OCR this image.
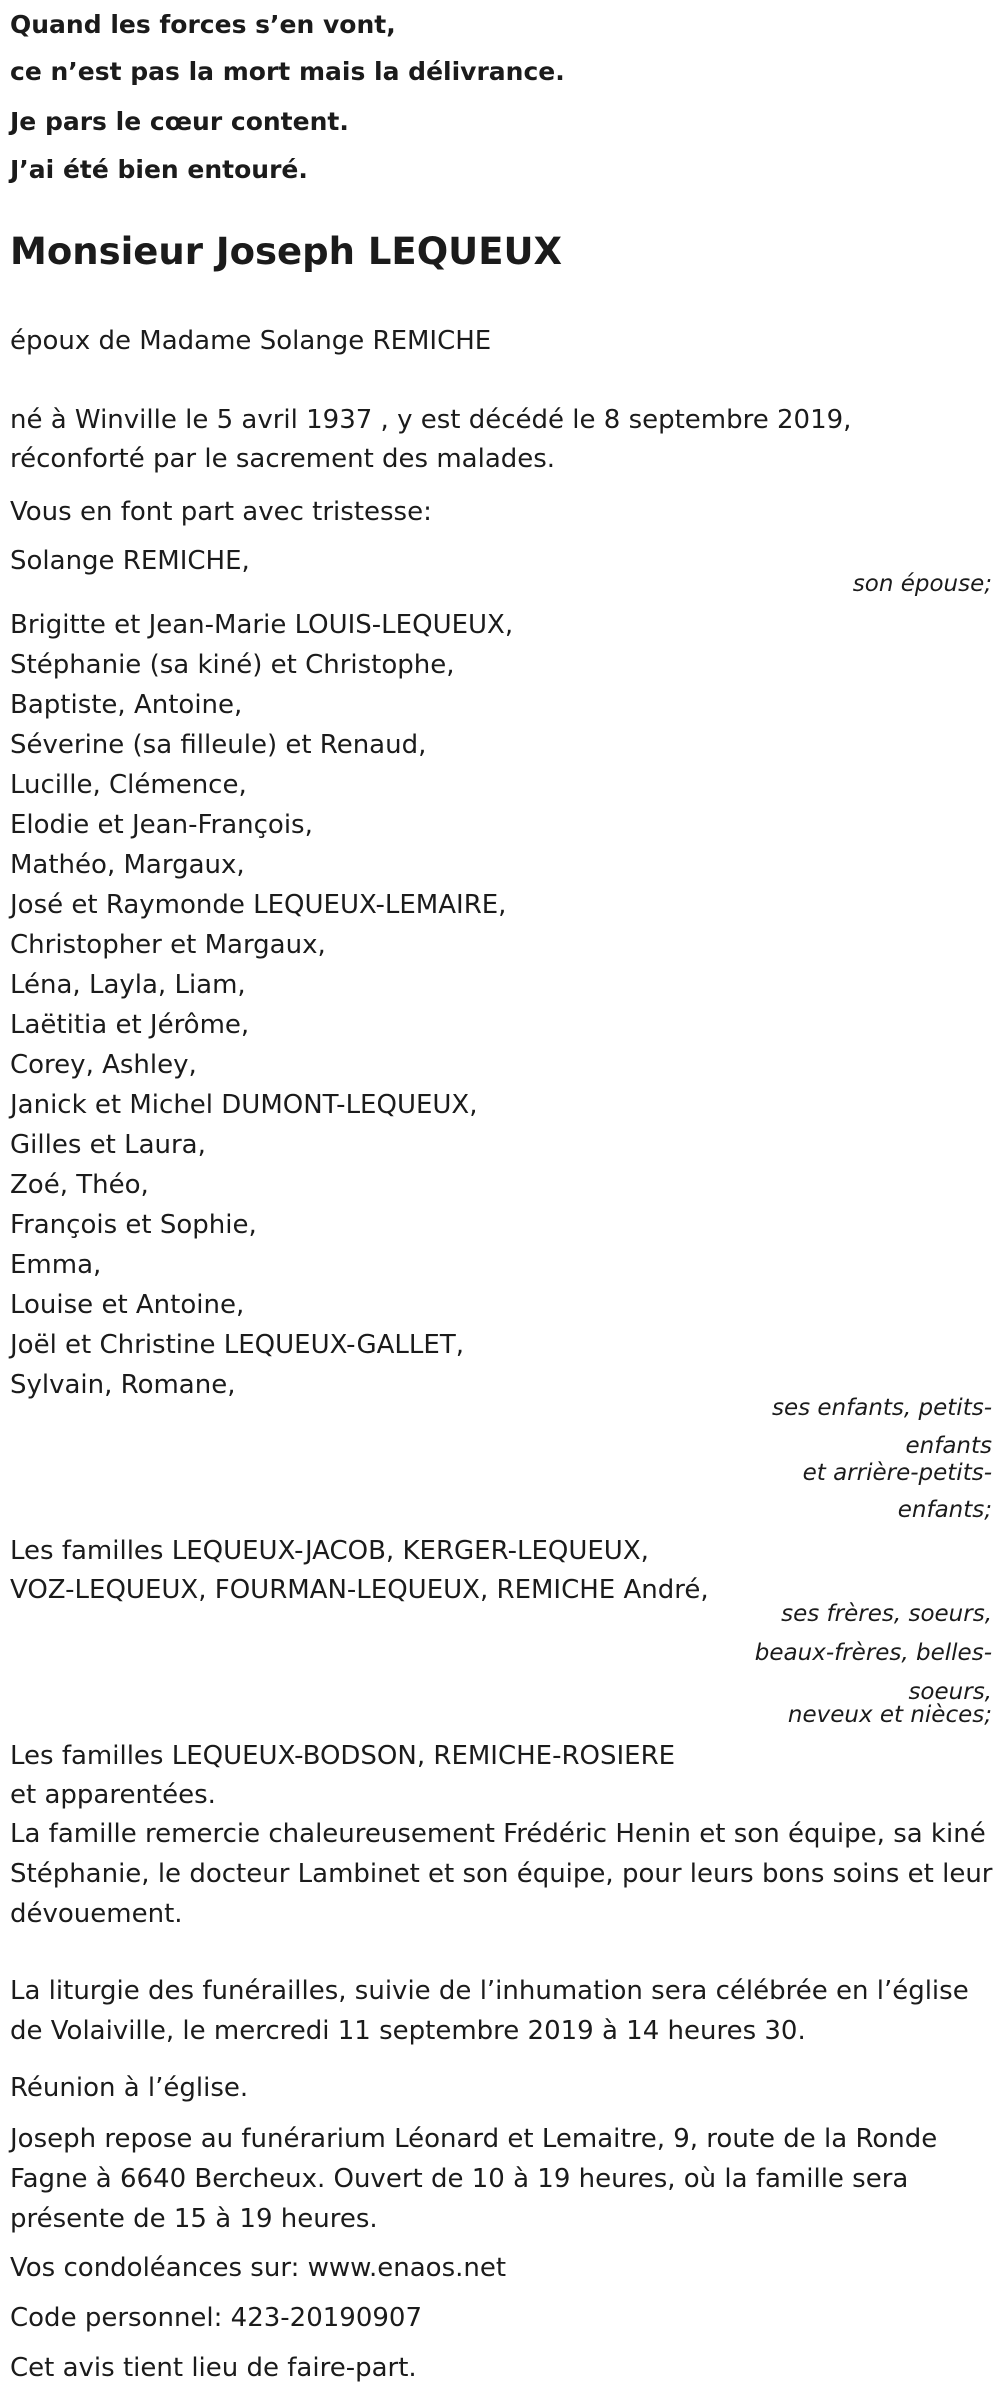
Quand les forces s’en vont,
ce n’est pas la mort mais la délivrance.
Je pars le cœur content.
J’ai été bien entouré.
Monsieur Joseph LEQUEUX
époux de Madame Solange REMICHE
né à Winville le 5 avril 1937 , y est décédé le 8 septembre 2019,
réconforté par le sacrement des malades.
Vous en font part avec tristesse:
Solange REMICHE,
son épouse;
Brigitte et Jean-Marie LOUIS-LEQUEUX,
Stéphanie (sa kiné) et Christophe,
Baptiste, Antoine,
Séverine (sa filleule) et Renaud,
Lucille, Clémence,
Elodie et Jean-François,
Mathéo, Margaux,
José et Raymonde LEQUEUX-LEMAIRE,
Christopher et Margaux,
Léna, Layla, Liam,
Laëtitia et Jérôme,
Corey, Ashley,
Janick et Michel DUMONT-LEQUEUX,
Gilles et Laura,
Zoé, Théo,
François et Sophie,
Emma,
Louise et Antoine,
Joël et Christine LEQUEUX-GALLET,
Sylvain, Romane,
ses enfants, petits-
enfants
et arrière-petits-
enfants;
Les familles LEQUEUX-JACOB, KERGER-LEQUEUX,
VOZ-LEQUEUX, FOURMAN-LEQUEUX, REMICHE André,
ses frères, soeurs,
beaux-frères, belles-
soeurs,
neveux et nièces;
Les familles LEQUEUX-BODSON, REMICHE-ROSIERE
et apparentées.

La famille remercie chaleureusement Frédéric Henin et son équipe, sa kiné Stéphanie, le docteur Lambinet et son équipe, pour leurs bons soins et leur dévouement.

La liturgie des funérailles, suivie de l’inhumation sera célébrée en l’église de Volaiville, le mercredi 11 septembre 2019 à 14 heures 30.

Réunion à l’église.

Joseph repose au funérarium Léonard et Lemaitre, 9, route de la Ronde Fagne à 6640 Bercheux. Ouvert de 10 à 19 heures, où la famille sera présente de 15 à 19 heures.

Vos condoléances sur: www.enaos.net
Code personnel: 423-20190907
Cet avis tient lieu de faire-part.
